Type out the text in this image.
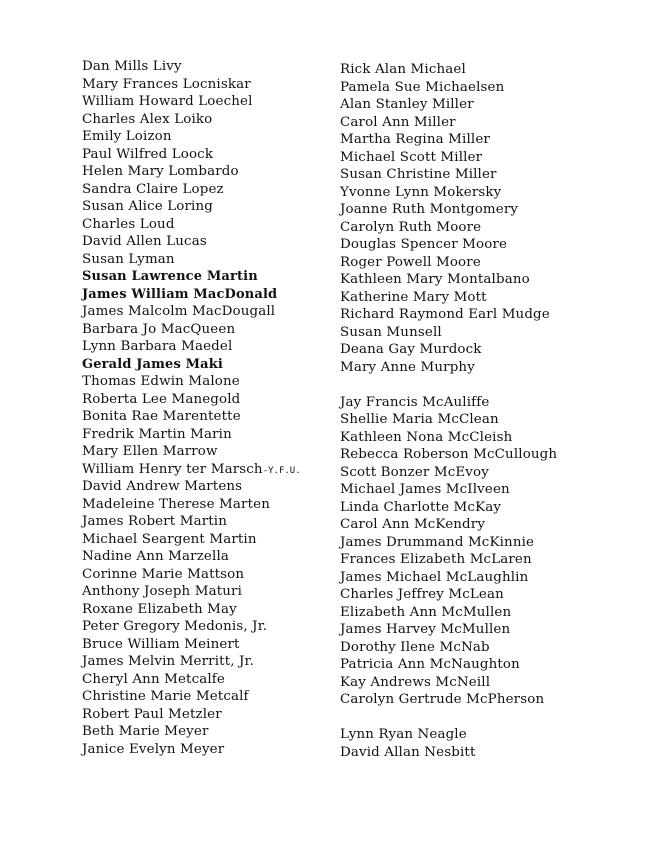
Dan Mills Livy
Mary Frances Locniskar
William Howard Loechel
Charles Alex Loiko
Emily Loizon
Paul Wilfred Loock
Helen Mary Lombardo
Sandra Claire Lopez
Susan Alice Loring
Charles Loud
David Allen Lucas
Susan Lyman
Susan Lawrence Martin
James William MacDonald
James Malcolm MacDougall
Barbara Jo MacQueen
Lynn Barbara Maedel
Gerald James Maki
Thomas Edwin Malone
Roberta Lee Manegold
Bonita Rae Marentette
Fredrik Martin Marin
Mary Ellen Marrow
William Henry ter Marsch-Y.F.U.
David Andrew Martens
Madeleine Therese Marten
James Robert Martin
Michael Seargent Martin
Nadine Ann Marzella
Corinne Marie Mattson
Anthony Joseph Maturi
Roxane Elizabeth May
Peter Gregory Medonis, Jr.
Bruce William Meinert
James Melvin Merritt, Jr.
Cheryl Ann Metcalfe
Christine Marie Metcalf
Robert Paul Metzler
Beth Marie Meyer
Janice Evelyn Meyer
Rick Alan Michael
Pamela Sue Michaelsen
Alan Stanley Miller
Carol Ann Miller
Martha Regina Miller
Michael Scott Miller
Susan Christine Miller
Yvonne Lynn Mokersky
Joanne Ruth Montgomery
Carolyn Ruth Moore
Douglas Spencer Moore
Roger Powell Moore
Kathleen Mary Montalbano
Katherine Mary Mott
Richard Raymond Earl Mudge
Susan Munsell
Deana Gay Murdock
Mary Anne Murphy
Jay Francis McAuliffe
Shellie Maria McClean
Kathleen Nona McCleish
Rebecca Roberson McCullough
Scott Bonzer McEvoy
Michael James McIlveen
Linda Charlotte McKay
Carol Ann McKendry
James Drummand McKinnie
Frances Elizabeth McLaren
James Michael McLaughlin
Charles Jeffrey McLean
Elizabeth Ann McMullen
James Harvey McMullen
Dorothy Ilene McNab
Patricia Ann McNaughton
Kay Andrews McNeill
Carolyn Gertrude McPherson
Lynn Ryan Neagle
David Allan Nesbitt
